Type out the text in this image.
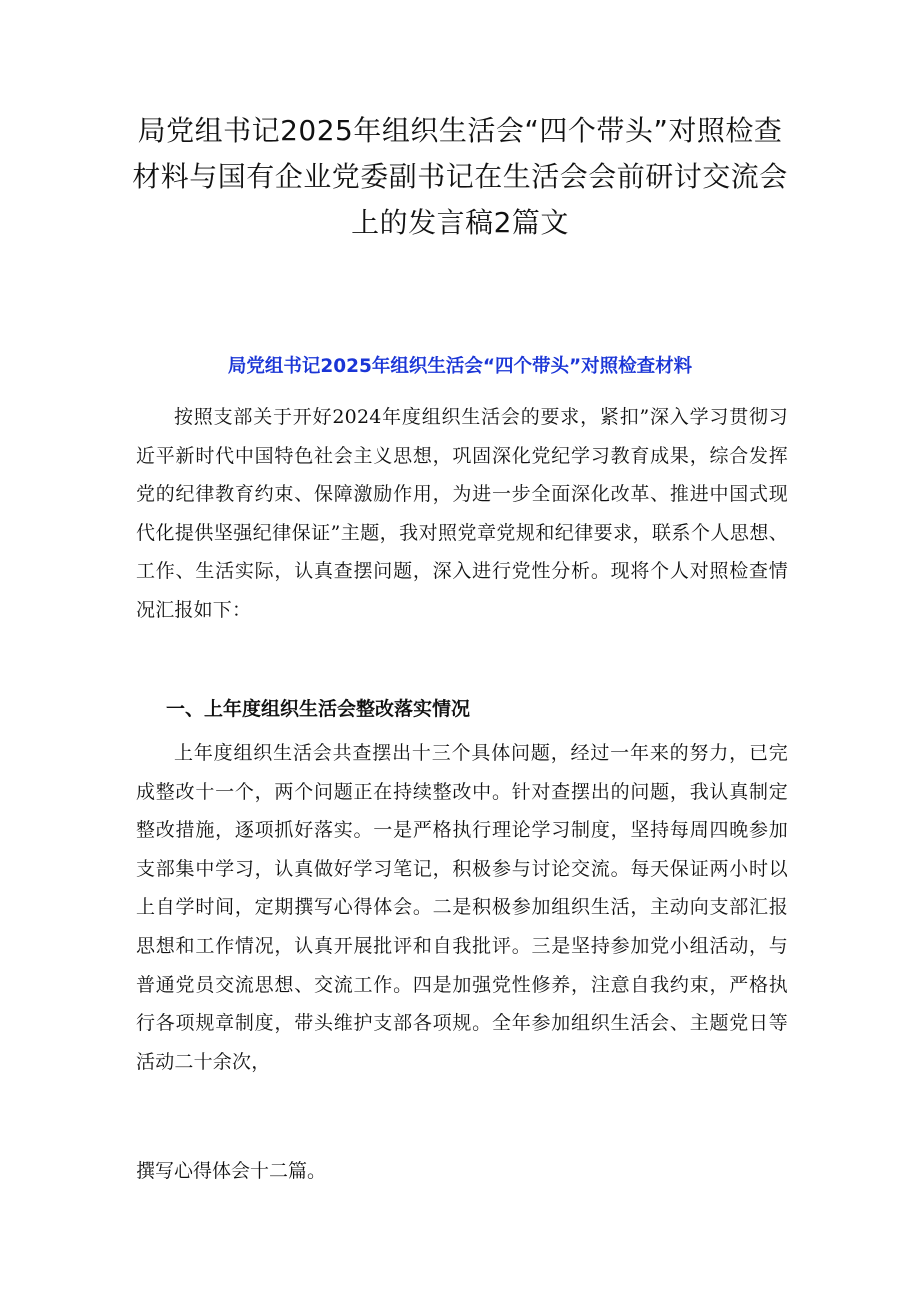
局党组书记2025年组织生活会“四个带头”对照检查材料与国有企业党委副书记在生活会会前研讨交流会上的发言稿2篇文
局党组书记2025年组织生活会“四个带头”对照检查材料

按照支部关于开好2024年度组织生活会的要求，紧扣”深入学习贯彻习近平新时代中国特色社会主义思想，巩固深化党纪学习教育成果，综合发挥党的纪律教育约束、保障激励作用，为进一步全面深化改革、推进中国式现代化提供坚强纪律保证”主题，我对照党章党规和纪律要求，联系个人思想、工作、生活实际，认真查摆问题，深入进行党性分析。现将个人对照检查情况汇报如下：

一、上年度组织生活会整改落实情况

上年度组织生活会共查摆出十三个具体问题，经过一年来的努力，已完成整改十一个，两个问题正在持续整改中。针对查摆出的问题，我认真制定整改措施，逐项抓好落实。一是严格执行理论学习制度，坚持每周四晚参加支部集中学习，认真做好学习笔记，积极参与讨论交流。每天保证两小时以上自学时间，定期撰写心得体会。二是积极参加组织生活，主动向支部汇报思想和工作情况，认真开展批评和自我批评。三是坚持参加党小组活动，与普通党员交流思想、交流工作。四是加强党性修养，注意自我约束，严格执行各项规章制度，带头维护支部各项规。全年参加组织生活会、主题党日等活动二十余次，

撰写心得体会十二篇。
